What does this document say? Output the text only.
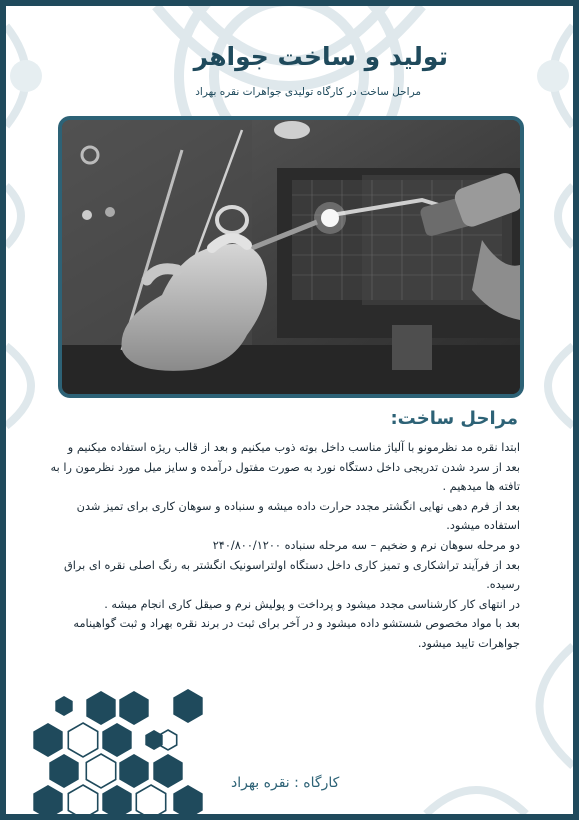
تولید و ساخت جواهر

مراحل ساخت در کارگاه تولیدی جواهرات نقره بهراد

مراحل ساخت:

ابتدا نقره مد نظرمونو با آلیاژ مناسب داخل بوته ذوب میکنیم و بعد از قالب ریژه استفاده میکنیم و بعد از سرد شدن تدریجی داخل دستگاه نورد به صورت مفتول درآمده و سایز میل مورد نظرمون را به تافته ها میدهیم .

بعد از فرم دهی نهایی انگشتر مجدد حرارت داده میشه و سنباده و سوهان کاری برای تمیز شدن استفاده میشود.

دو مرحله سوهان نرم و ضخیم – سه مرحله سنباده ۲۴۰/۸۰۰/۱۲۰۰

بعد از فرآیند تراشکاری و تمیز کاری داخل دستگاه اولتراسونیک انگشتر به رنگ اصلی نقره ای براق رسیده.

در انتهای کار کارشناسی مجدد میشود و پرداخت و پولیش نرم و صیقل کاری انجام میشه .

بعد با مواد مخصوص شستشو داده میشود و در آخر برای ثبت در برند نقره بهراد و ثبت گواهینامه جواهرات تایید میشود.

کارگاه : نقره بهراد
